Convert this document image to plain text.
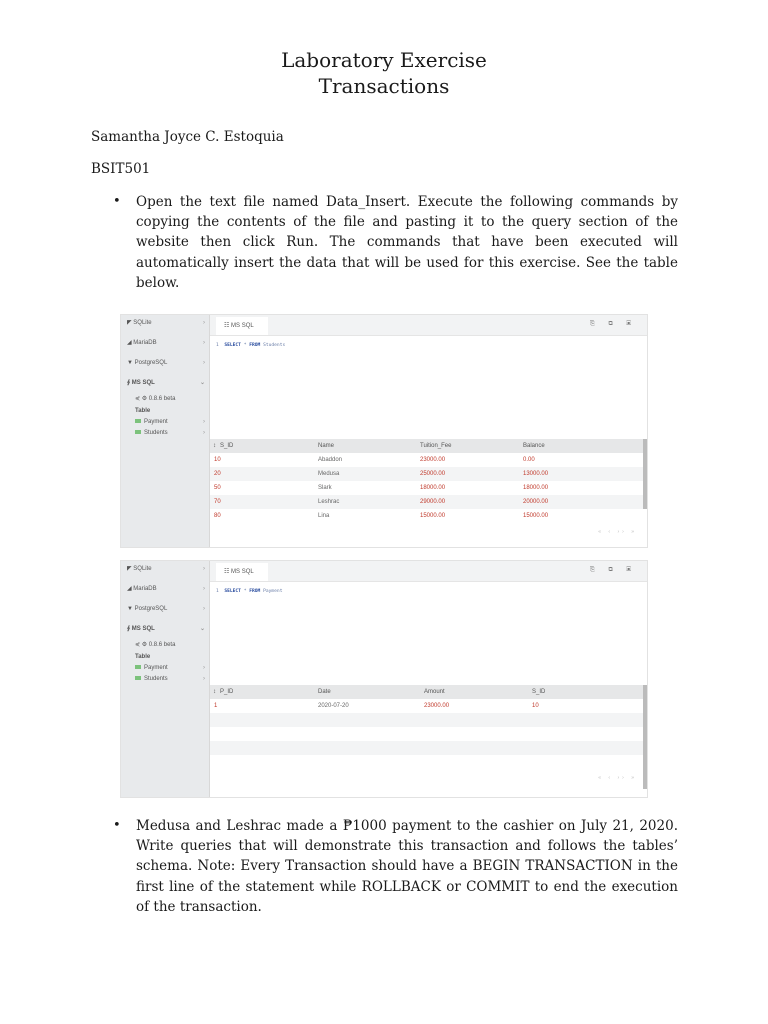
Laboratory Exercise
Transactions
Samantha Joyce C. Estoquia
BSIT501
• Open the text file named Data_Insert. Execute the following commands by copying the contents of the file and pasting it to the query section of the website then click Run. The commands that have been executed will automatically insert the data that will be used for this exercise. See the table below.
◤ SQLite	›
◢ MariaDB	›
▼ PostgreSQL	›
∮ MS SQL	⌄
⋞ ⚙ 0.8.6 beta
Table
Payment	›
Students	›
☷ MS SQL	⎘ ⧉ ▣
1 SELECT * FROM Students
↕ S_ID	Name	Tuition_Fee	Balance
10	Abaddon	23000.00	0.00
20	Medusa	25000.00	13000.00
50	Slark	18000.00	18000.00
70	Leshrac	29000.00	20000.00
80	Lina	15000.00	15000.00
« ‹ ›› »
◤ SQLite	›
◢ MariaDB	›
▼ PostgreSQL	›
∮ MS SQL	⌄
⋞ ⚙ 0.8.6 beta
Table
Payment	›
Students	›
☷ MS SQL	⎘ ⧉ ▣
1 SELECT * FROM Payment
↕ P_ID	Date	Amount	S_ID
1	2020-07-20	23000.00	10
« ‹ ›› »
• Medusa and Leshrac made a ₱1000 payment to the cashier on July 21, 2020. Write queries that will demonstrate this transaction and follows the tables’ schema. Note: Every Transaction should have a BEGIN TRANSACTION in the first line of the statement while ROLLBACK or COMMIT to end the execution of the transaction.
